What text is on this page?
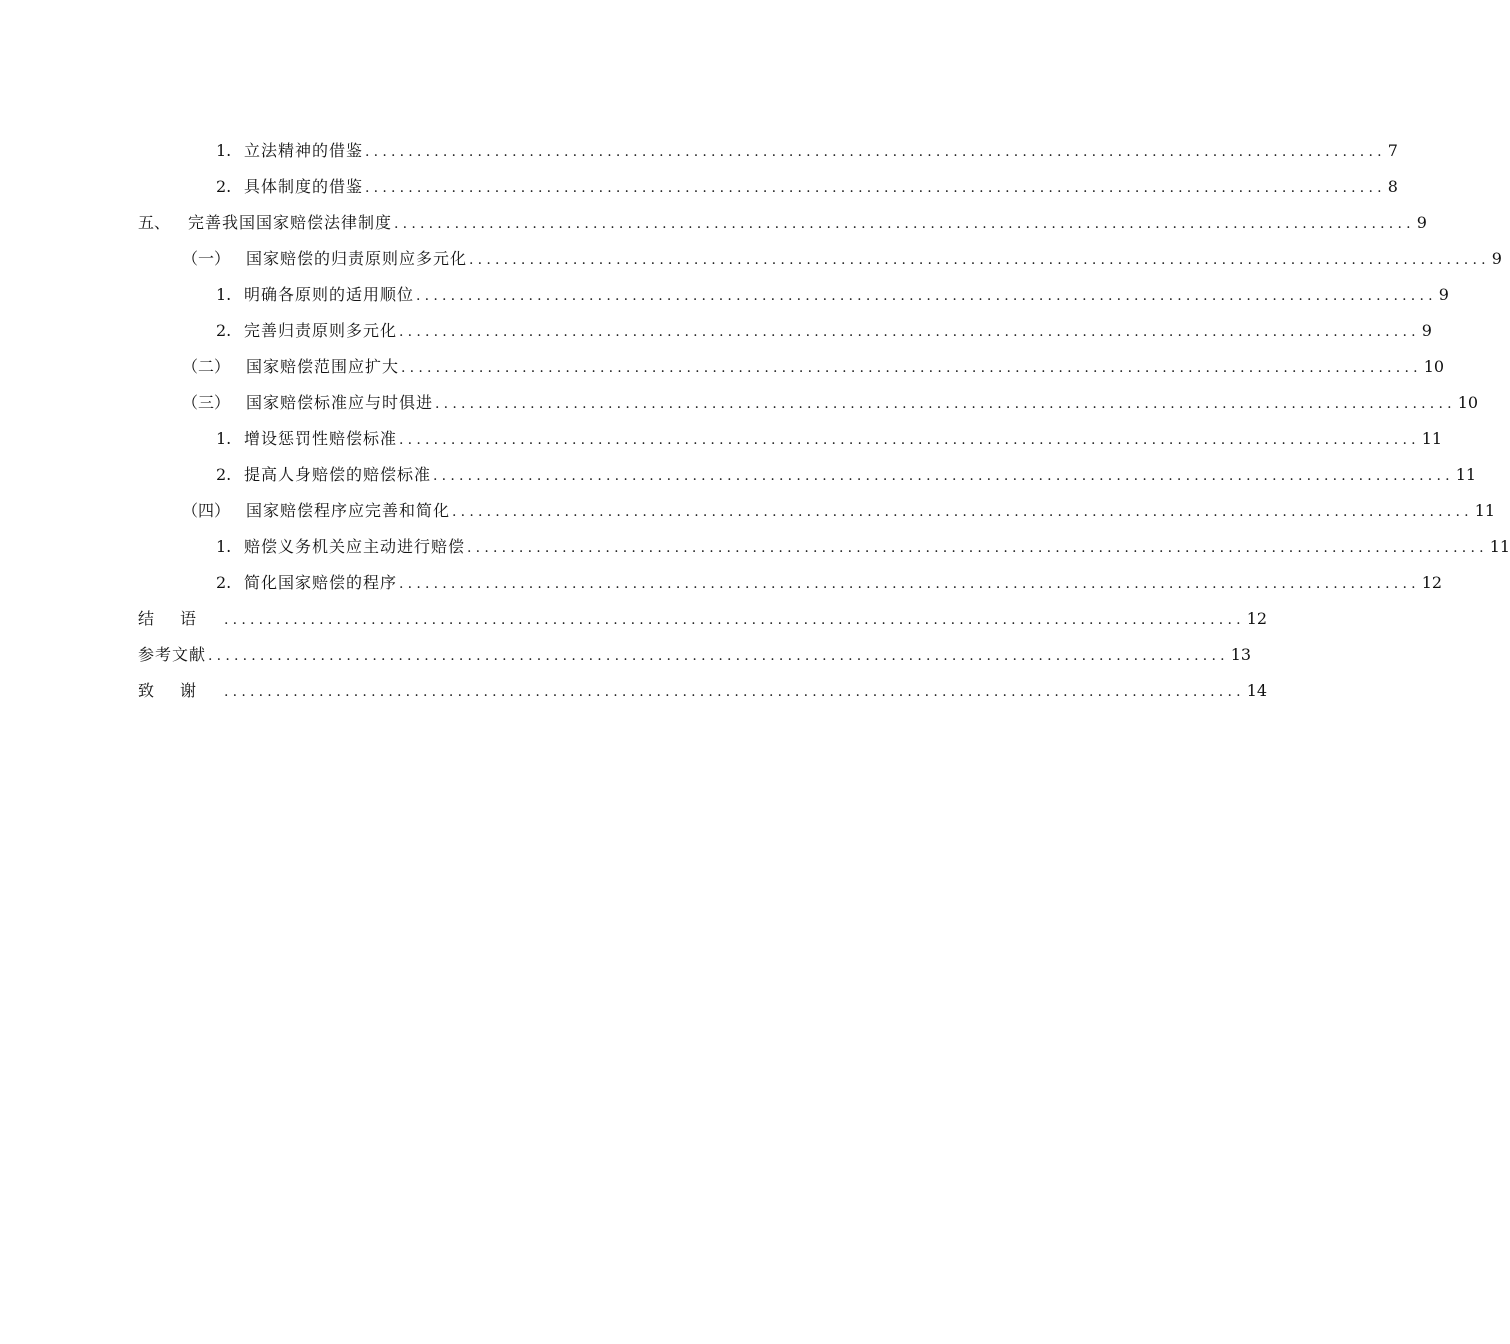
1. 立法精神的借鉴 ...................................................................................................................... 7
2. 具体制度的借鉴 ...................................................................................................................... 8
五、	完善我国国家赔偿法律制度 ...................................................................................................................... 9
（一） 国家赔偿的归责原则应多元化 ...................................................................................................................... 9
1. 明确各原则的适用顺位 ...................................................................................................................... 9
2. 完善归责原则多元化 ...................................................................................................................... 9
（二） 国家赔偿范围应扩大 ...................................................................................................................... 10
（三） 国家赔偿标准应与时俱进 ...................................................................................................................... 10
1. 增设惩罚性赔偿标准 ...................................................................................................................... 11
2. 提高人身赔偿的赔偿标准 ...................................................................................................................... 11
（四） 国家赔偿程序应完善和简化 ...................................................................................................................... 11
1. 赔偿义务机关应主动进行赔偿 ...................................................................................................................... 11
2. 简化国家赔偿的程序 ...................................................................................................................... 12
结语 ...................................................................................................................... 12
参考文献 ...................................................................................................................... 13
致谢 ...................................................................................................................... 14
